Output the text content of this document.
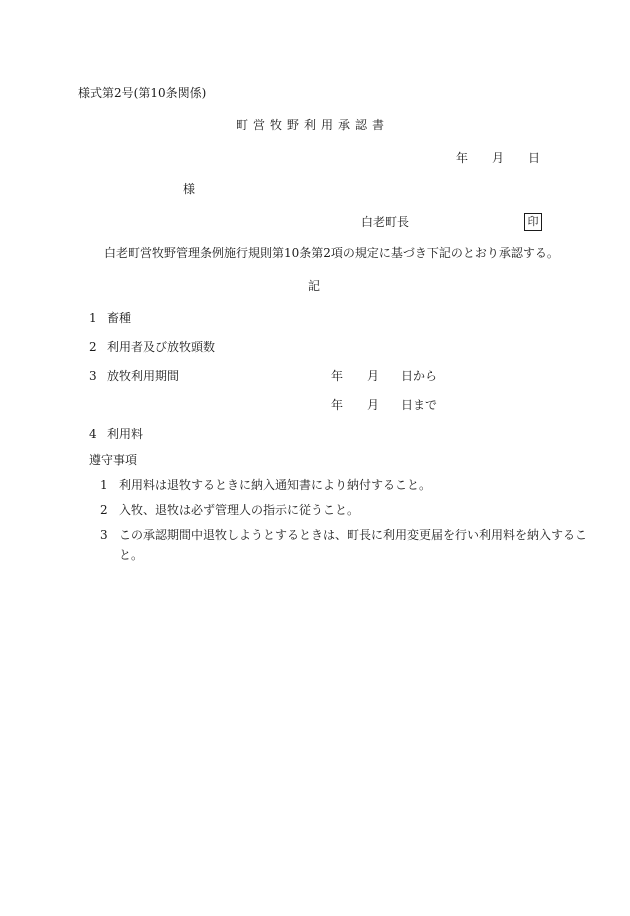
様式第2号(第10条関係)
町営牧野利用承認書
年 月 日
様
白老町長	印
白老町営牧野管理条例施行規則第10条第2項の規定に基づき下記のとおり承認する。
記
1 畜種
2 利用者及び放牧頭数
3 放牧利用期間	年 月 日から
年 月 日まで
4 利用料
遵守事項
1 利用料は退牧するときに納入通知書により納付すること。
2 入牧、退牧は必ず管理人の指示に従うこと。
3 この承認期間中退牧しようとするときは、町長に利用変更届を行い利用料を納入すること。
